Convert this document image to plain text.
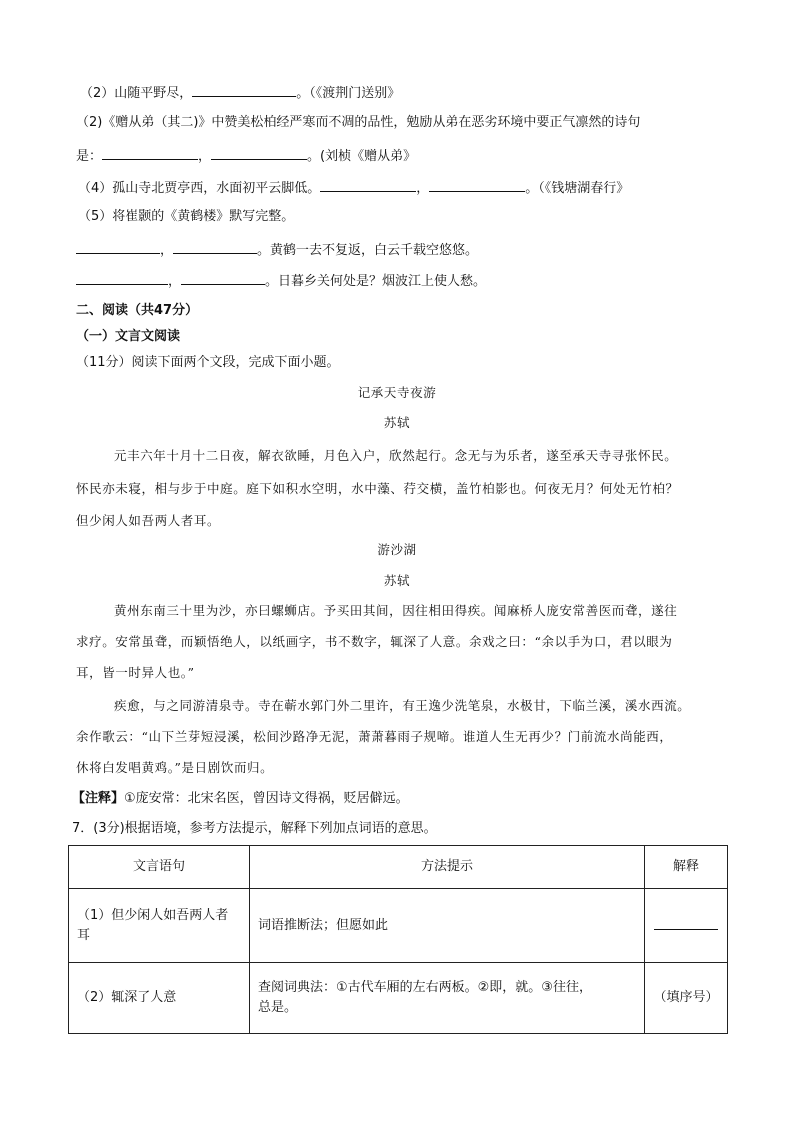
（2）山随平野尽，	。（《渡荆门送别》
（2)《赠从弟（其二)》中赞美松柏经严寒而不凋的品性，勉励从弟在恶劣环境中要正气凛然的诗句
是：	，	。(刘桢《赠从弟》
（4）孤山寺北贾亭西，水面初平云脚低。	，	。（《钱塘湖春行》
（5）将崔颢的《黄鹤楼》默写完整。
，	。黄鹤一去不复返，白云千载空悠悠。
，	。日暮乡关何处是？烟波江上使人愁。
二、阅读（共47分）
（一）文言文阅读
（11分）阅读下面两个文段，完成下面小题。
记承天寺夜游
苏轼
元丰六年十月十二日夜，解衣欲睡，月色入户，欣然起行。念无与为乐者，遂至承天寺寻张怀民。
怀民亦未寝，相与步于中庭。庭下如积水空明，水中藻、荇交横，盖竹柏影也。何夜无月？何处无竹柏？
但少闲人如吾两人者耳。
游沙湖
苏轼
黄州东南三十里为沙，亦曰螺蛳店。予买田其间，因往相田得疾。闻麻桥人庞安常善医而聋，遂往
求疗。安常虽聋，而颖悟绝人，以纸画字，书不数字，辄深了人意。余戏之曰：“余以手为口，君以眼为
耳，皆一时异人也。”
疾愈，与之同游清泉寺。寺在蕲水郭门外二里许，有王逸少洗笔泉，水极甘，下临兰溪，溪水西流。
余作歌云：“山下兰芽短浸溪，松间沙路净无泥，萧萧暮雨子规啼。谁道人生无再少？门前流水尚能西，
休将白发唱黄鸡。”是日剧饮而归。
【注释】①庞安常：北宋名医，曾因诗文得祸，贬居僻远。
7．(3分)根据语境，参考方法提示，解释下列加点词语的意思。
文言语句	方法提示	解释

（1）但少闲人如吾两人者
耳	词语推断法；但愿如此	

（2）辄深了人意	查阅词典法：①古代车厢的左右两板。②即，就。③往往，
总是。	（填序号）
